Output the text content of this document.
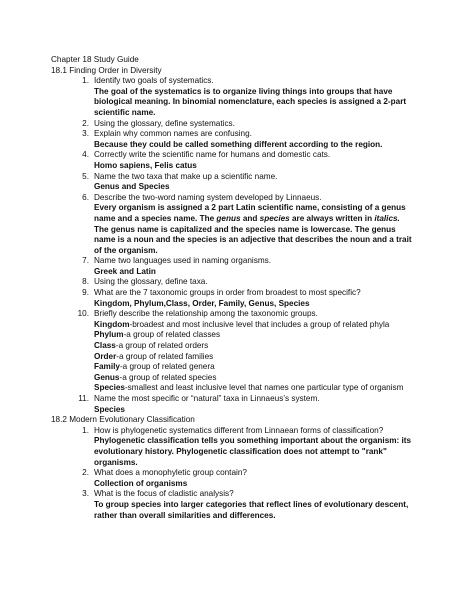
Chapter 18 Study Guide
18.1 Finding Order in Diversity
1. Identify two goals of systematics.
The goal of the systematics is to organize living things into groups that have
biological meaning. In binomial nomenclature, each species is assigned a 2-part
scientific name.
2. Using the glossary, define systematics.
3. Explain why common names are confusing.
Because they could be called something different according to the region.
4. Correctly write the scientific name for humans and domestic cats.
Homo sapiens, Felis catus
5. Name the two taxa that make up a scientific name.
Genus and Species
6. Describe the two-word naming system developed by Linnaeus.
Every organism is assigned a 2 part Latin scientific name, consisting of a genus
name and a species name. The genus and species are always written in italics.
The genus name is capitalized and the species name is lowercase. The genus
name is a noun and the species is an adjective that describes the noun and a trait
of the organism.
7. Name two languages used in naming organisms.
Greek and Latin
8. Using the glossary, define taxa.
9. What are the 7 taxonomic groups in order from broadest to most specific?
Kingdom, Phylum,Class, Order, Family, Genus, Species
10. Briefly describe the relationship among the taxonomic groups.
Kingdom-broadest and most inclusive level that includes a group of related phyla
Phylum-a group of related classes
Class-a group of related orders
Order-a group of related families
Family-a group of related genera
Genus-a group of related species
Species-smallest and least inclusive level that names one particular type of organism
11. Name the most specific or “natural” taxa in Linnaeus’s system.
Species
18.2 Modern Evolutionary Classification
1. How is phylogenetic systematics different from Linnaean forms of classification?
Phylogenetic classification tells you something important about the organism: its
evolutionary history. Phylogenetic classification does not attempt to "rank"
organisms.
2. What does a monophyletic group contain?
Collection of organisms
3. What is the focus of cladistic analysis?
To group species into larger categories that reflect lines of evolutionary descent,
rather than overall similarities and differences.
